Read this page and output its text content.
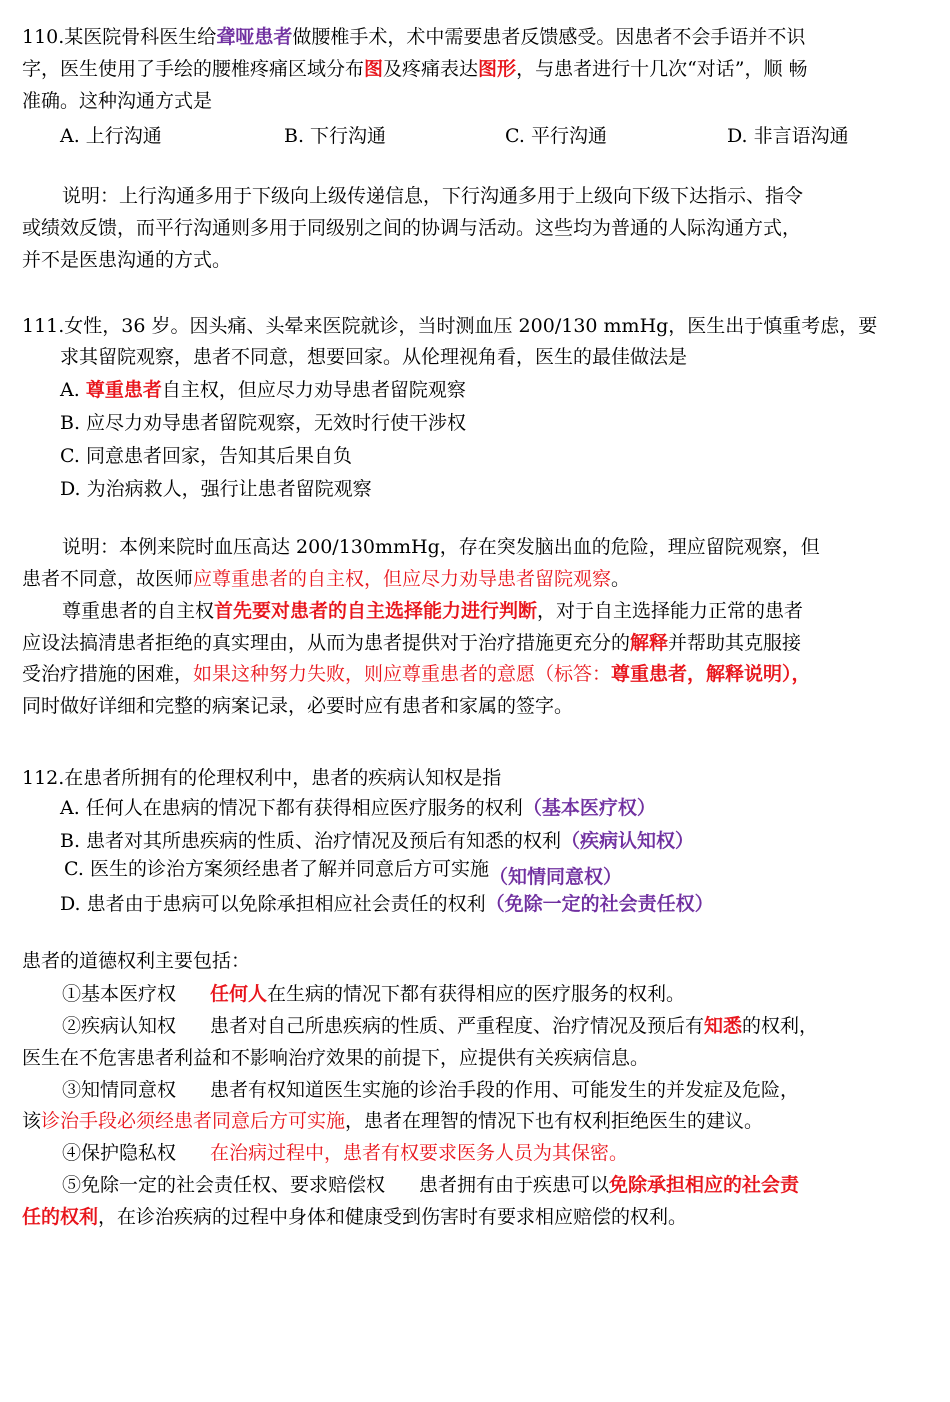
110.某医院骨科医生给聋哑患者做腰椎手术，术中需要患者反馈感受。因患者不会手语并不识
字，医生使用了手绘的腰椎疼痛区域分布图及疼痛表达图形，与患者进行十几次“对话”，顺 畅
准确。这种沟通方式是
A. 上行沟通	B. 下行沟通	C. 平行沟通	D. 非言语沟通
说明：上行沟通多用于下级向上级传递信息，下行沟通多用于上级向下级下达指示、指令
或绩效反馈，而平行沟通则多用于同级别之间的协调与活动。这些均为普通的人际沟通方式，
并不是医患沟通的方式。
111.女性，36 岁。因头痛、头晕来医院就诊，当时测血压 200/130 mmHg，医生出于慎重考虑，要
求其留院观察，患者不同意，想要回家。从伦理视角看，医生的最佳做法是
A. 尊重患者自主权，但应尽力劝导患者留院观察
B. 应尽力劝导患者留院观察，无效时行使干涉权
C. 同意患者回家，告知其后果自负
D. 为治病救人，强行让患者留院观察
说明：本例来院时血压高达 200/130mmHg，存在突发脑出血的危险，理应留院观察，但
患者不同意，故医师应尊重患者的自主权，但应尽力劝导患者留院观察。
尊重患者的自主权首先要对患者的自主选择能力进行判断，对于自主选择能力正常的患者
应设法搞清患者拒绝的真实理由，从而为患者提供对于治疗措施更充分的解释并帮助其克服接
受治疗措施的困难，如果这种努力失败，则应尊重患者的意愿（标答：尊重患者，解释说明），
同时做好详细和完整的病案记录，必要时应有患者和家属的签字。
112.在患者所拥有的伦理权利中，患者的疾病认知权是指
A. 任何人在患病的情况下都有获得相应医疗服务的权利（基本医疗权）
B. 患者对其所患疾病的性质、治疗情况及预后有知悉的权利（疾病认知权）
C. 医生的诊治方案须经患者了解并同意后方可实施（知情同意权）
D. 患者由于患病可以免除承担相应社会责任的权利（免除一定的社会责任权）
患者的道德权利主要包括：
①基本医疗权 任何人在生病的情况下都有获得相应的医疗服务的权利。
②疾病认知权 患者对自己所患疾病的性质、严重程度、治疗情况及预后有知悉的权利，
医生在不危害患者利益和不影响治疗效果的前提下，应提供有关疾病信息。
③知情同意权 患者有权知道医生实施的诊治手段的作用、可能发生的并发症及危险，
该诊治手段必须经患者同意后方可实施，患者在理智的情况下也有权利拒绝医生的建议。
④保护隐私权 在治病过程中，患者有权要求医务人员为其保密。
⑤免除一定的社会责任权、要求赔偿权 患者拥有由于疾患可以免除承担相应的社会责
任的权利，在诊治疾病的过程中身体和健康受到伤害时有要求相应赔偿的权利。
